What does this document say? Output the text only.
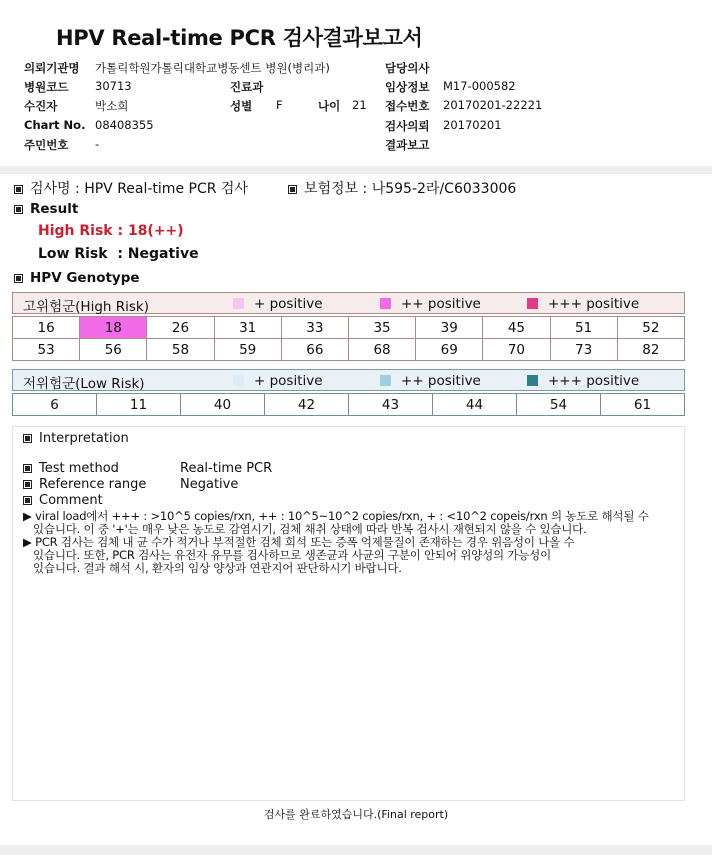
HPV Real-time PCR 검사결과보고서
의뢰기관명 가톨릭학원가톨릭대학교병동센트 병원(병리과)
병원코드 30713
수진자	박소희
Chart No. 08408355
주민번호 -
진료과
성별 F	나이 21
담당의사
임상정보 M17-000582
접수번호 20170201-22221
검사의뢰 20170201
결과보고
검사명 : HPV Real-time PCR 검사	보험정보 : 나595-2라/C6033006
Result
High Risk : 18(++)
Low Risk  : Negative
HPV Genotype
고위험군(High Risk)	+ positive	++ positive	+++ positive
16	18	26	31	33	35	39	45	51	52
53	56	58	59	66	68	69	70	73	82
저위험군(Low Risk)	+ positive	++ positive	+++ positive
6	11	40	42	43	44	54	61
Interpretation
Test method	Real-time PCR
Reference range	Negative
Comment
▶ viral load에서 +++ : >10^5 copies/rxn, ++ : 10^5~10^2 copies/rxn, + : <10^2 copeis/rxn 의 농도로 해석될 수
있습니다. 이 중 '+'는 매우 낮은 농도로 감염시기, 검체 채취 상태에 따라 반복 검사시 재현되지 않을 수 있습니다.
▶ PCR 검사는 검체 내 균 수가 적거나 부적절한 검체 희석 또는 증폭 억제물질이 존재하는 경우 위음성이 나올 수
있습니다. 또한, PCR 검사는 유전자 유무를 검사하므로 생존균과 사균의 구분이 안되어 위양성의 가능성이
있습니다. 결과 해석 시, 환자의 임상 양상과 연관지어 판단하시기 바랍니다.
검사를 완료하였습니다.(Final report)
